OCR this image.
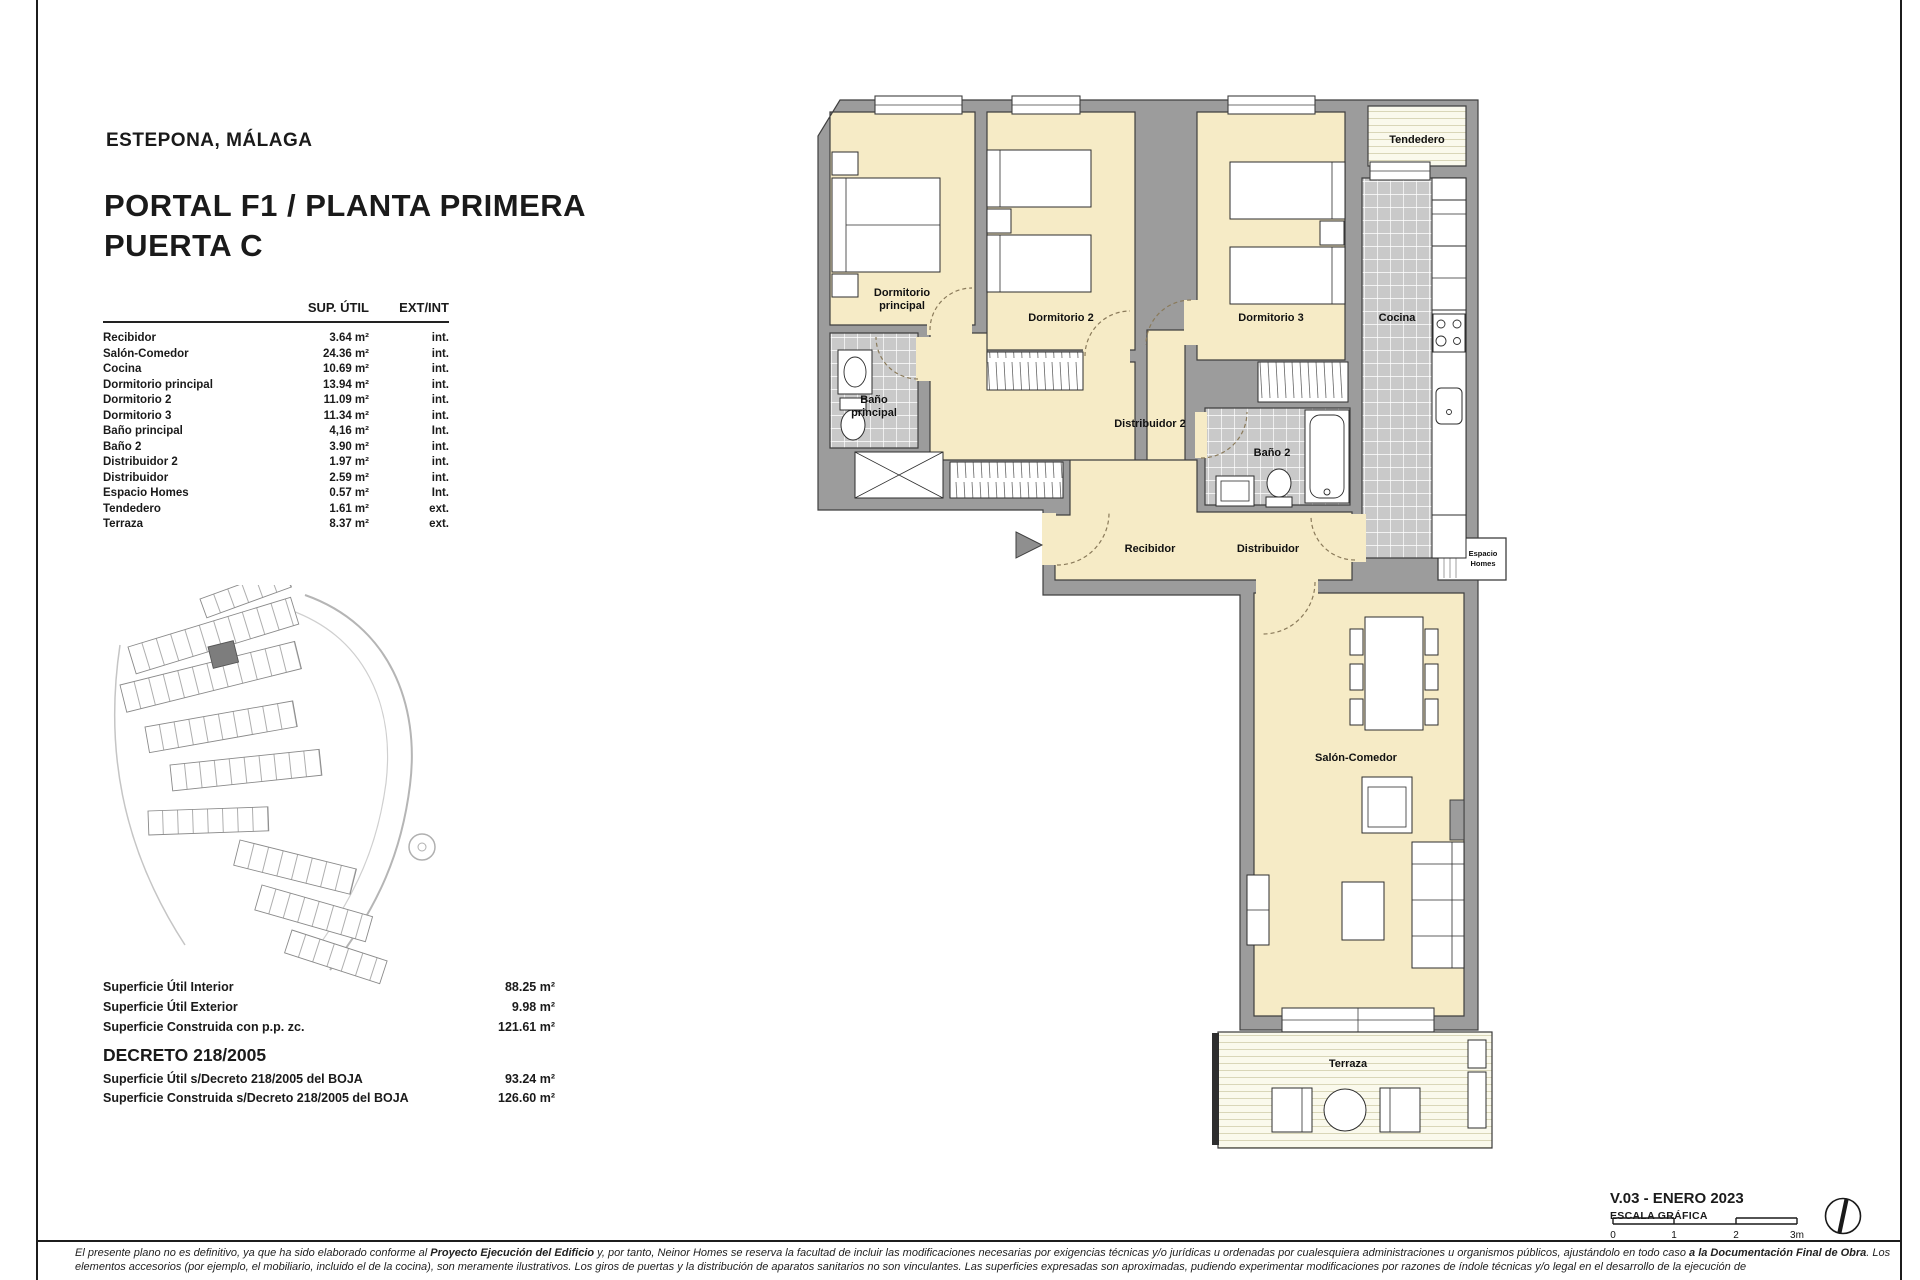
ESTEPONA, MÁLAGA
PORTAL F1 / PLANTA PRIMERA
PUERTA C
SUP. ÚTIL	EXT/INT
Recibidor	3.64 m²	int.
Salón-Comedor	24.36 m²	int.
Cocina	10.69 m²	int.
Dormitorio principal	13.94 m²	int.
Dormitorio 2	11.09 m²	int.
Dormitorio 3	11.34 m²	int.
Baño principal	4,16 m²	Int.
Baño 2	3.90 m²	int.
Distribuidor 2	1.97 m²	int.
Distribuidor	2.59 m²	int.
Espacio Homes	0.57 m²	Int.
Tendedero	1.61 m²	ext.
Terraza	8.37 m²	ext.
Superficie Útil Interior	88.25 m²
Superficie Útil Exterior	9.98 m²
Superficie Construida con p.p. zc.	121.61 m²
DECRETO 218/2005
Superficie Útil s/Decreto 218/2005 del BOJA	93.24 m²
Superficie Construida s/Decreto 218/2005 del BOJA	126.60 m²
Espacio
Homes
Dormitorio
principal
Dormitorio 2	Dormitorio 3
Baño
principal
Baño 2
Distribuidor 2
Cocina
Tendedero
Recibidor	Distribuidor
Salón-Comedor
Terraza
V.03 - ENERO 2023
ESCALA GRÁFICA
0	1	2	3m
El presente plano no es definitivo, ya que ha sido elaborado conforme al Proyecto Ejecución del Edificio y, por tanto, Neinor Homes se reserva la facultad de incluir las modificaciones necesarias por exigencias técnicas y/o jurídicas u ordenadas por cualesquiera administraciones u organismos públicos, ajustándolo en todo caso a la Documentación Final de Obra. Los elementos accesorios (por ejemplo, el mobiliario, incluido el de la cocina), son meramente ilustrativos. Los giros de puertas y la distribución de aparatos sanitarios no son vinculantes. Las superficies expresadas son aproximadas, pudiendo experimentar modificaciones por razones de índole técnicas y/o legal en el desarrollo de la ejecución de
